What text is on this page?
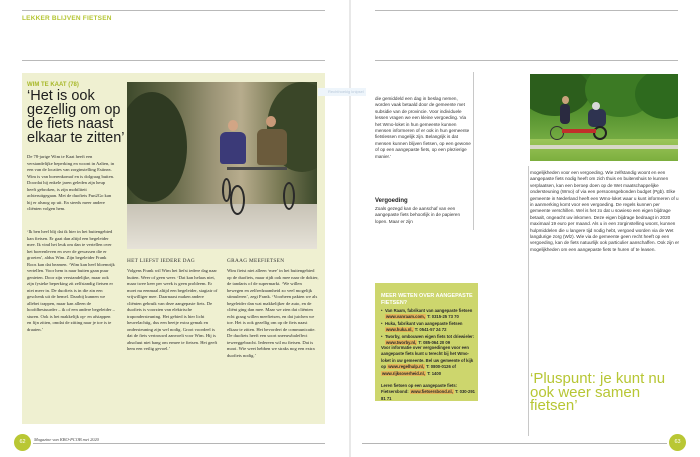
LEKKER BLIJVEN FIETSEN
WIM TE KAAT (78)
‘Het is ook gezellig om op de fiets naast elkaar te zitten’

De 78-jarige Wim te Kaat heeft een verstandelijke beperking en woont in Aalten, in een van de locaties van zorginstelling Estinea. Wim is van boerenkomaf en is dolgraag buiten. Doordat hij enkele jaren geleden zijn heup heeft gebroken, is zijn mobiliteit achteruitgegaan. Met de duofiets Fun2Go kan hij er alsnog op uit. En steeds meer andere cliënten volgen hem.

‘Ik ben heel blij dat ik hier in het buitengebied kan fietsen. Er gaat dan altijd een begeleider mee. Ik vind het leuk om dan te vertellen over het boerenleven en over de gewassen die er groeien’, aldus Wim. Zijn begeleider Frank Roos kan dat beamen. ‘Wim kan heel bloemrijk vertellen. Voor hem is naar buiten gaan puur genieten. Door zijn verstandelijke, maar ook zijn fysieke beperking zit zelfstandig fietsen er niet meer in. De duofiets is in die zin een geschenk uit de hemel. Daarbij kunnen we allebei trappen, maar kan alleen de hoofdbestuurder – ik of een andere begeleider – sturen. Ook is het makkelijk op- en afstappen en fijn zitten, omdat de zitting naar je toe is te draaien.’

HET LIEFST IEDERE DAG	GRAAG MEEFIETSEN

Volgens Frank wil Wim het liefst iedere dag naar buiten. Weer of geen weer. ‘Dat kan helaas niet, maar twee keer per week is geen probleem. Er moet nu eenmaal altijd een begeleider, stagiair of vrijwilliger mee. Daarnaast maken andere cliënten gebruik van deze aangepaste fiets. De duofiets is voorzien van elektrische trapondersteuning. Het gebied is hier licht heuvelachtig, dus een beetje extra gemak en ondersteuning zijn wel nodig. Groot voordeel is dat de fiets vertrouwd aanvoelt voor Wim. Hij is absoluut niet bang om ermee te fietsen. Het geeft hem een veilig gevoel.’

Wim fietst niet alleen ‘mee’ in het buitengebied op de duofiets, maar rijdt ook mee naar de dokter, de tandarts of de supermarkt. ‘We willen bewegen en zelfredzaamheid zo veel mogelijk stimuleren’, zegt Frank. ‘Voorheen pakten we als begeleider dan wat makkelijker de auto, en de cliënt ging dan mee. Maar we zien dat cliënten echt graag willen meefietsen, en dat juichen we toe. Het is ook gezellig om op de fiets naast elkaar te zitten. Het bevordert de communicatie. De duofiets heeft een soort sneeuwbaleffect teweeggebracht. Iedereen wil nu fietsen. Dat is mooi. Wie weet hebben we straks nog een extra duofiets nodig.’

62	Magazine van KBO-PCOB mei 2020
Rechthoekig knipsel

die gemiddeld een dag in beslag nemen, worden vaak betaald door de gemeente met subsidie van de provincie. Voor individuele lessen vragen we een kleine vergoeding. Via het Wmo-loket in hun gemeente kunnen mensen informeren of er ook in hun gemeente fietslessen mogelijk zijn. Belangrijk is dat mensen kunnen blijven fietsen, op een gewone of op een aangepaste fiets, op een plezierige manier.’

Vergoeding

Zoals gezegd kan de aanschaf van een aangepaste fiets behoorlijk in de papieren lopen. Maar er zijn

MEER WETEN OVER AANGEPASTE FIETSEN?
• Van Raam, fabrikant van aangepaste fietsen www.vanraam.com, T: 0315-25 73 70
• Huka, fabrikant van aangepaste fietsen www.huka.nl, T: 0541-57 24 72
• Tworby, ombouwen eigen fiets tot driewieler: www.tworby.nl, T: 085-064 20 09

Voor informatie over vergoedingen voor een aangepaste fiets kunt u terecht bij het Wmo-loket in uw gemeente. Bel uw gemeente of kijk op www.regelhulp.nl, T: 0800-0126 of www.rijksoverheid.nl, T: 1400

Leren fietsen op een aangepaste fiets: Fietsersbond: www.fietsersbond.nl, T: 030-291 81 71

mogelijkheden voor een vergoeding. Wie zelfstandig woont en een aangepaste fiets nodig heeft om zich thuis en buitenshuis te kunnen verplaatsen, kan een beroep doen op de Wet maatschappelijke ondersteuning (Wmo) of via een persoonsgebonden budget (Pgb). Elke gemeente in Nederland heeft een Wmo-loket waar u kunt informeren of u in aanmerking komt voor een vergoeding. De regels kunnen per gemeente verschillen. Wel is het zo dat u sowieso een eigen bijdrage betaalt, ongeacht uw inkomen. Deze eigen bijdrage bedraagt in 2020 maximaal 19 euro per maand. Als u in een zorginstelling woont, kunnen hulpmiddelen die u langere tijd nodig hebt, vergoed worden via de Wet langdurige zorg (Wlz). Wie via de gemeente geen recht heeft op een vergoeding, kan de fiets natuurlijk ook particulier aanschaffen. Ook zijn er mogelijkheden om een aangepaste fiets te huren of te leasen.

‘Pluspunt: je kunt nu ook weer samen fietsen’
63
